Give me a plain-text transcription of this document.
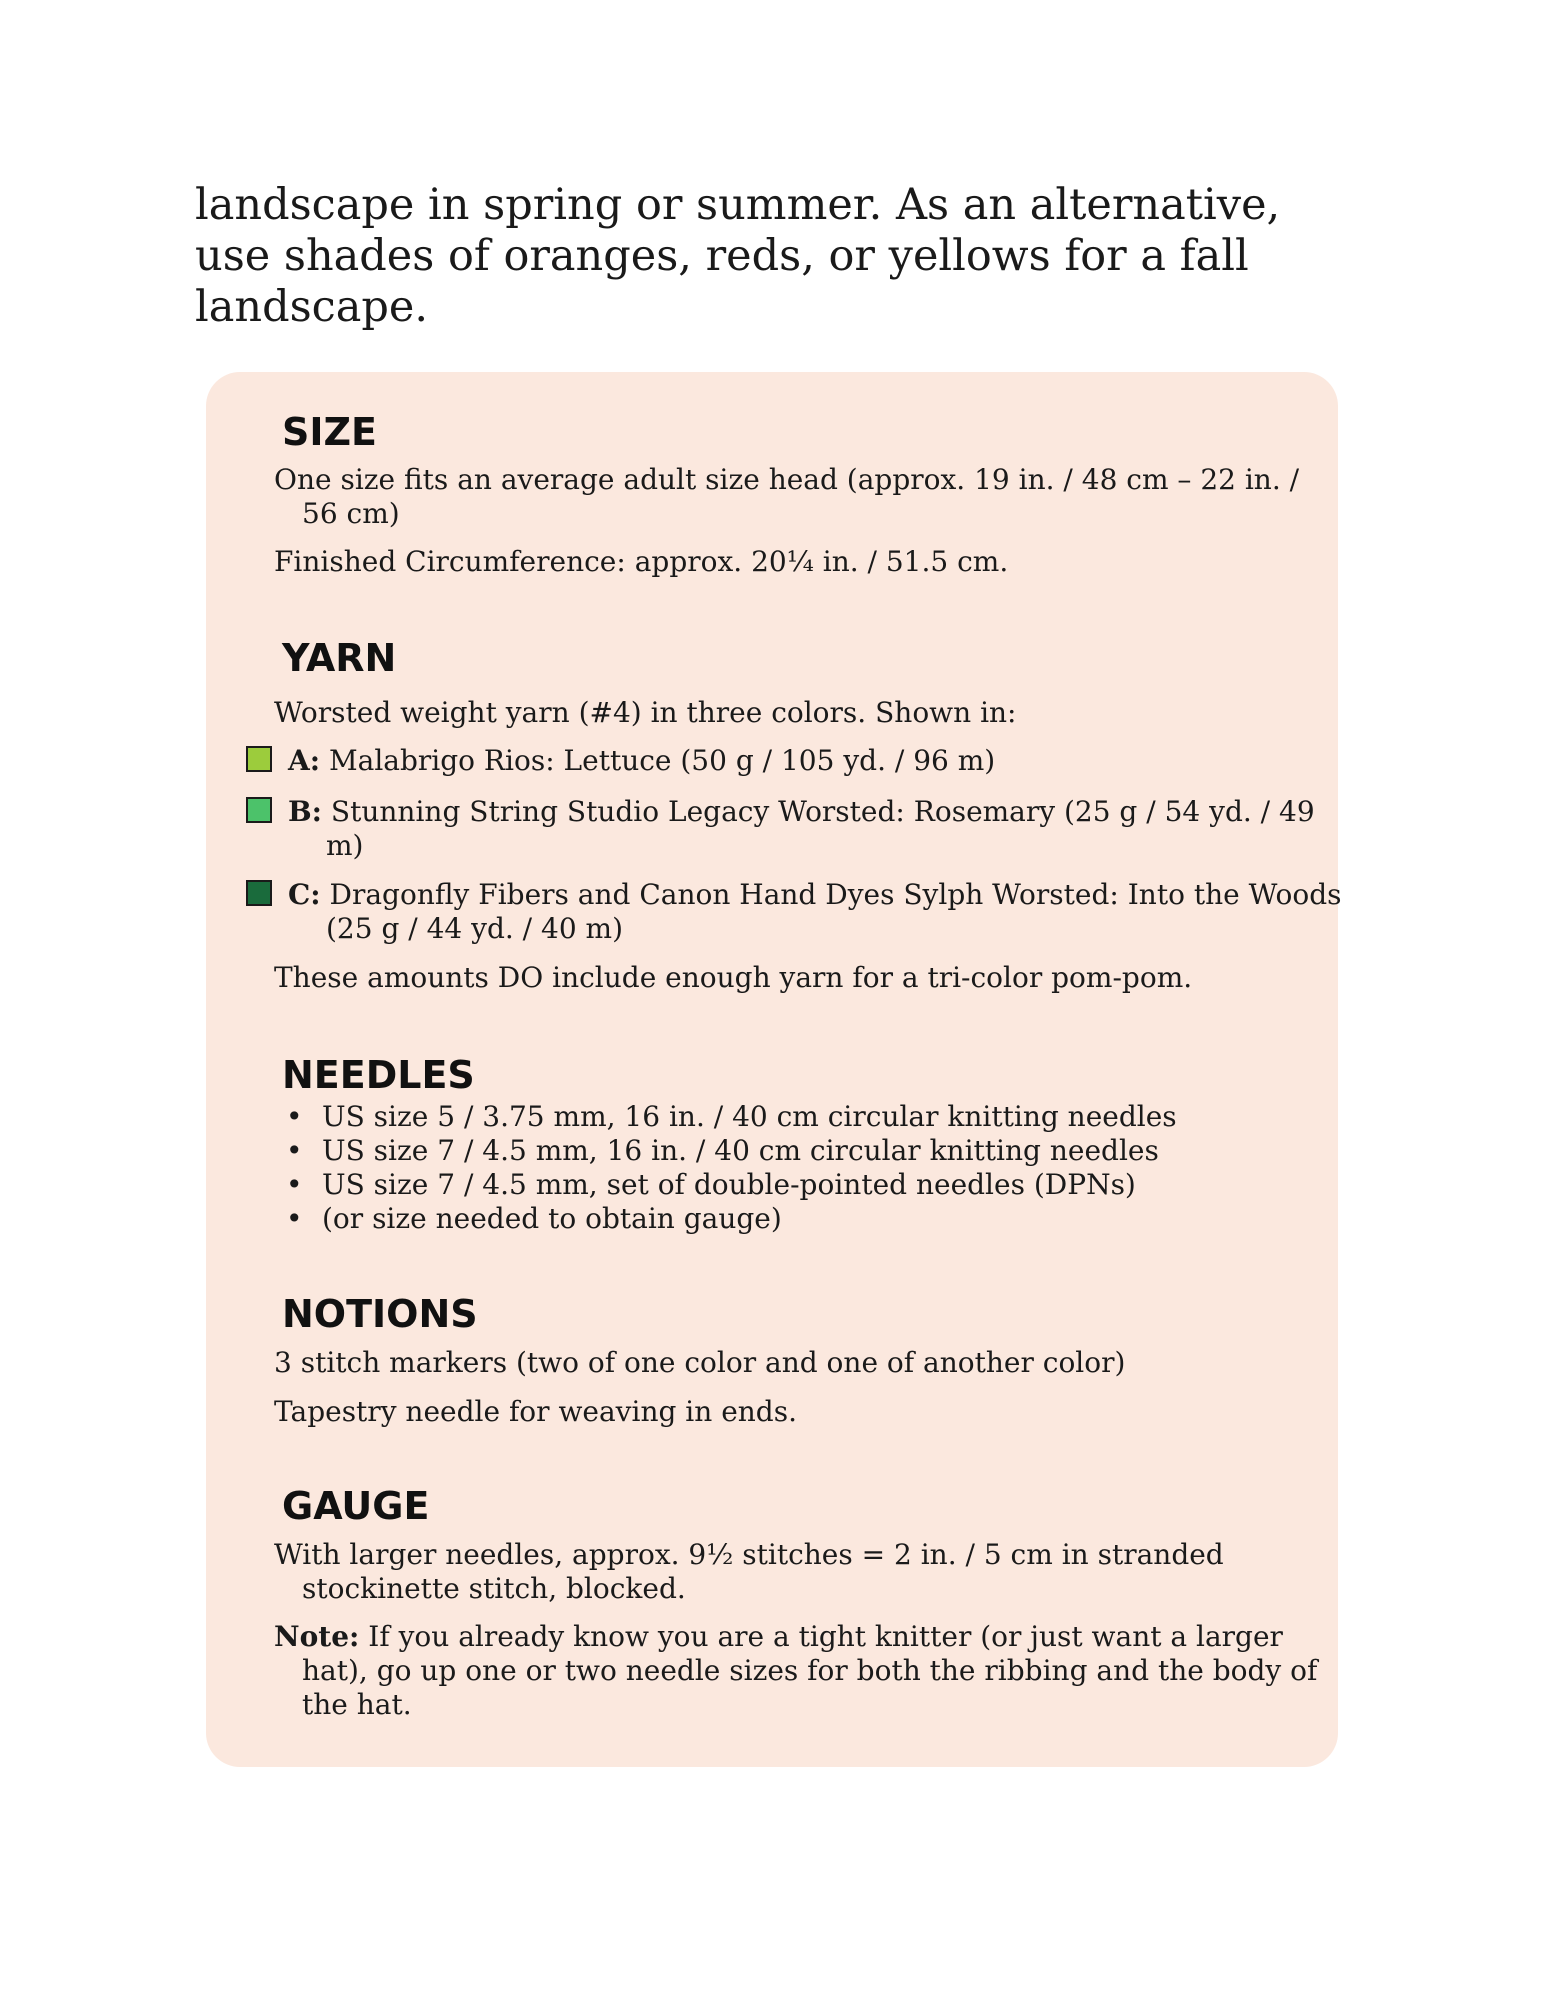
landscape in spring or summer. As an alternative, use shades of oranges, reds, or yellows for a fall landscape.

SIZE

One size fits an average adult size head (approx. 19 in. / 48 cm – 22 in. / 56 cm)

Finished Circumference: approx. 20¼ in. / 51.5 cm.

YARN

Worsted weight yarn (#4) in three colors. Shown in:

A: Malabrigo Rios: Lettuce (50 g / 105 yd. / 96 m)

B: Stunning String Studio Legacy Worsted: Rosemary (25 g / 54 yd. / 49 m)

C: Dragonfly Fibers and Canon Hand Dyes Sylph Worsted: Into the Woods (25 g / 44 yd. / 40 m)

These amounts DO include enough yarn for a tri-color pom-pom.

NEEDLES
• US size 5 / 3.75 mm, 16 in. / 40 cm circular knitting needles
• US size 7 / 4.5 mm, 16 in. / 40 cm circular knitting needles
• US size 7 / 4.5 mm, set of double-pointed needles (DPNs)
• (or size needed to obtain gauge)
NOTIONS

3 stitch markers (two of one color and one of another color)

Tapestry needle for weaving in ends.

GAUGE

With larger needles, approx. 9½ stitches = 2 in. / 5 cm in stranded stockinette stitch, blocked.

Note: If you already know you are a tight knitter (or just want a larger hat), go up one or two needle sizes for both the ribbing and the body of the hat.
